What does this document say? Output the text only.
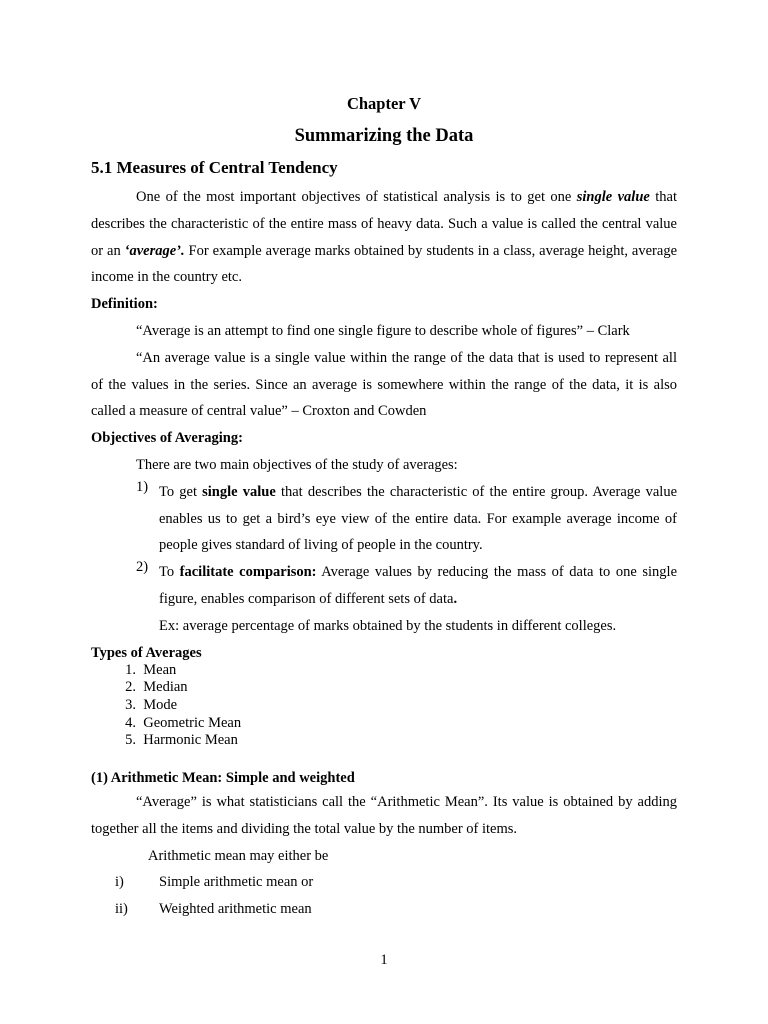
Chapter V
Summarizing the Data
5.1 Measures of Central Tendency

One of the most important objectives of statistical analysis is to get one single value that describes the characteristic of the entire mass of heavy data. Such a value is called the central value or an ‘average’. For example average marks obtained by students in a class, average height, average income in the country etc.

Definition:

“Average is an attempt to find one single figure to describe whole of figures” – Clark

“An average value is a single value within the range of the data that is used to represent all of the values in the series. Since an average is somewhere within the range of the data, it is also called a measure of central value” – Croxton and Cowden

Objectives of Averaging:

There are two main objectives of the study of averages:

1) To get single value that describes the characteristic of the entire group. Average value enables us to get a bird’s eye view of the entire data. For example average income of people gives standard of living of people in the country.
2) To facilitate comparison: Average values by reducing the mass of data to one single figure, enables comparison of different sets of data.
Ex: average percentage of marks obtained by the students in different colleges.
Types of Averages
1.
Mean
2.
Median
3.
Mode
4.
Geometric Mean
5.
Harmonic Mean
(1) Arithmetic Mean: Simple and weighted

“Average” is what statisticians call the “Arithmetic Mean”. Its value is obtained by adding together all the items and dividing the total value by the number of items.

Arithmetic mean may either be

i)	Simple arithmetic mean or
ii)	Weighted arithmetic mean
1
